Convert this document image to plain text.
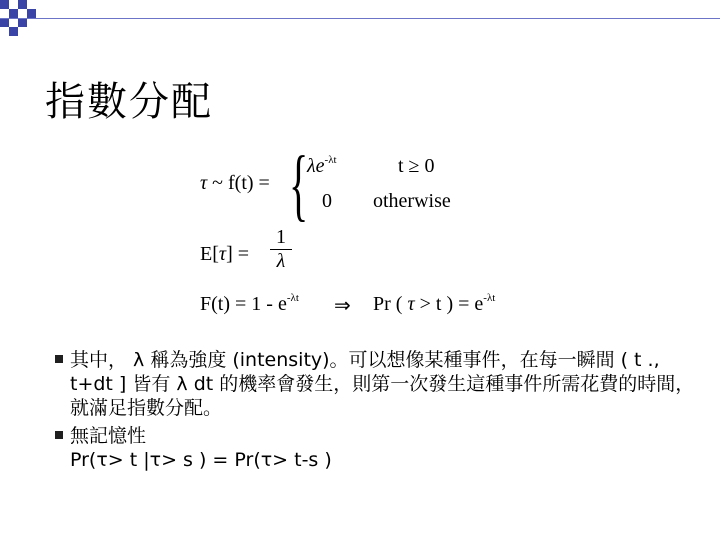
指數分配
τ ~ f(t) = {
$\lambda e^{-\lambda t}$	t ≥ 0
0 otherwise
E[τ] =
1
λ
$F(t) = 1 - e^{-\lambda t}$ ⇒ Pr ( τ > t ) = $e^{-\lambda t}$
其中， λ 稱為強度 (intensity)。可以想像某種事件，在每一瞬間 ( t ., t+dt ] 皆有 λ dt 的機率會發生，則第一次發生這種事件所需花費的時間，就滿足指數分配。
無記憶性
Pr(τ> t |τ> s ) = Pr(τ> t-s )
